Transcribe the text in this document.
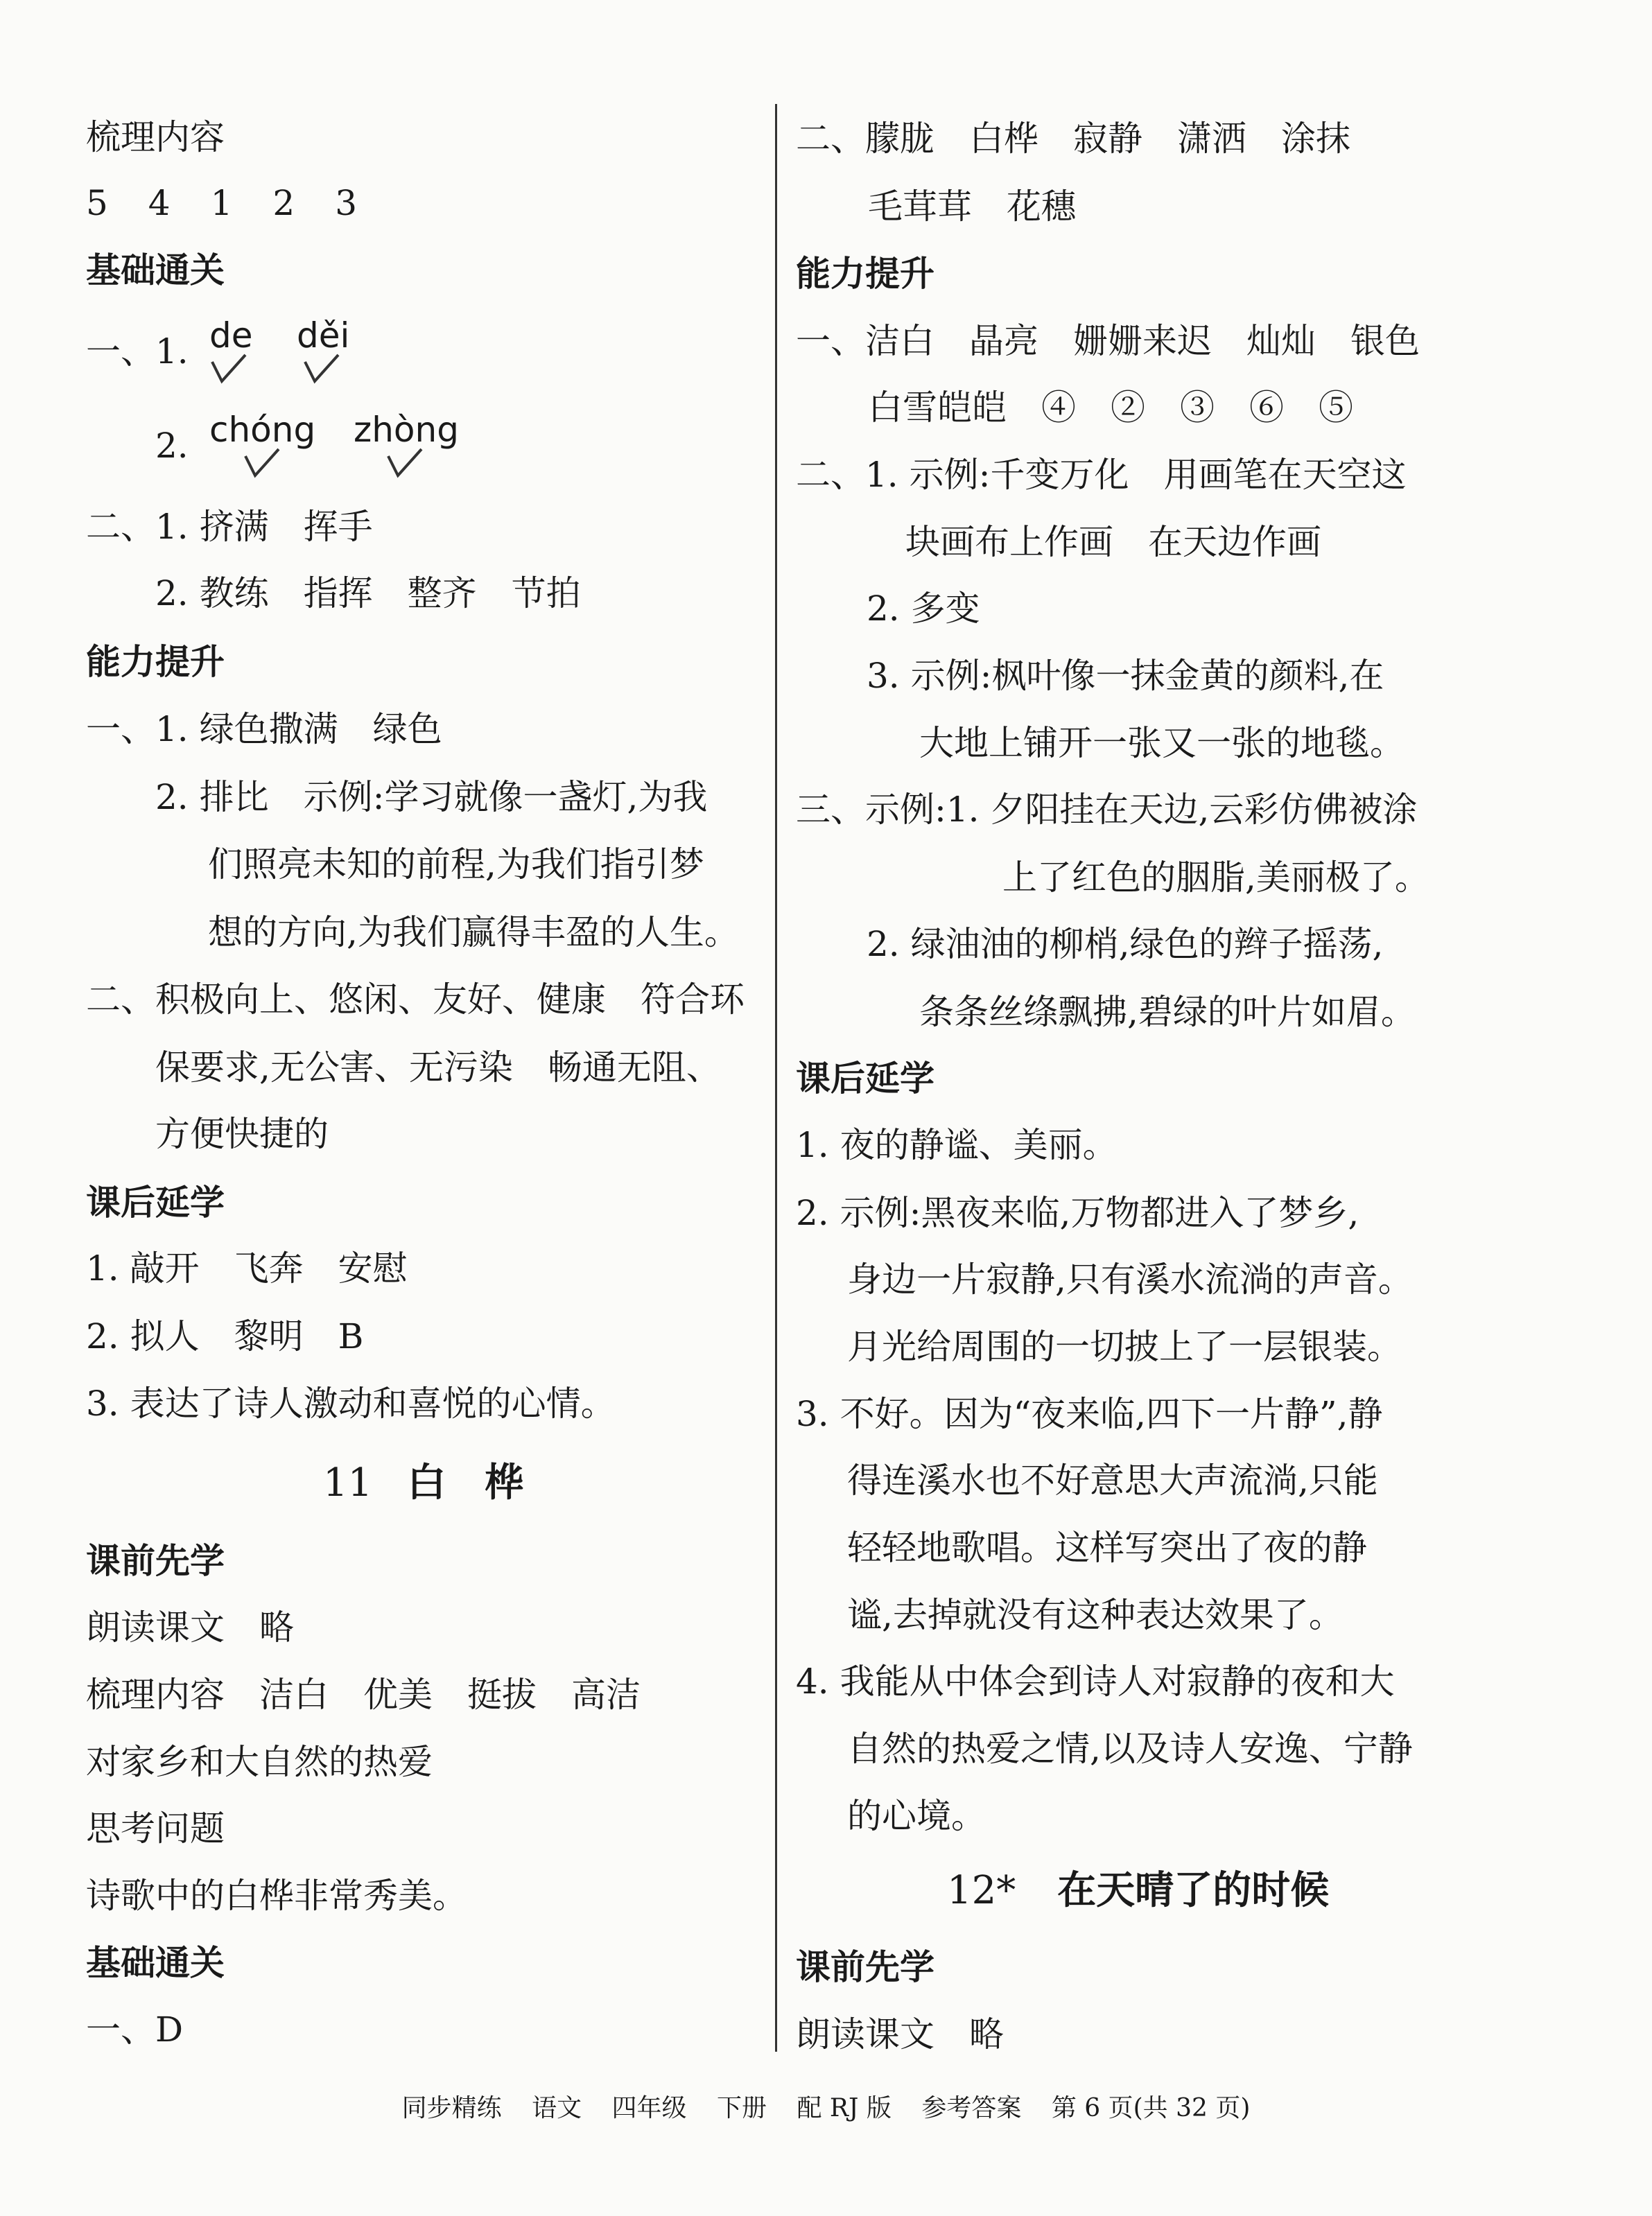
梳理内容
5　4　1　2　3
基础通关
一、1. de děi
2. chóng zhòng
二、1. 挤满　挥手
2. 教练　指挥　整齐　节拍
能力提升
一、1. 绿色撒满　绿色
2. 排比　示例:学习就像一盏灯,为我
们照亮未知的前程,为我们指引梦
想的方向,为我们赢得丰盈的人生。
二、积极向上、悠闲、友好、健康　符合环
保要求,无公害、无污染　畅通无阻、
方便快捷的
课后延学
1. 敲开　飞奔　安慰
2. 拟人　黎明　B
3. 表达了诗人激动和喜悦的心情。
11 白　桦
课前先学
朗读课文　略
梳理内容　洁白　优美　挺拔　高洁
对家乡和大自然的热爱
思考问题
诗歌中的白桦非常秀美。
基础通关
一、D
二、朦胧　白桦　寂静　潇洒　涂抹
毛茸茸　花穗
能力提升
一、洁白　晶亮　姗姗来迟　灿灿　银色
白雪皑皑　④　②　③　⑥　⑤
二、1. 示例:千变万化　用画笔在天空这
块画布上作画　在天边作画
2. 多变
3. 示例:枫叶像一抹金黄的颜料,在
大地上铺开一张又一张的地毯。
三、示例:1. 夕阳挂在天边,云彩仿佛被涂
上了红色的胭脂,美丽极了。
2. 绿油油的柳梢,绿色的辫子摇荡,
条条丝绦飘拂,碧绿的叶片如眉。
课后延学
1. 夜的静谧、美丽。
2. 示例:黑夜来临,万物都进入了梦乡,
身边一片寂静,只有溪水流淌的声音。
月光给周围的一切披上了一层银装。
3. 不好。因为“夜来临,四下一片静”,静
得连溪水也不好意思大声流淌,只能
轻轻地歌唱。这样写突出了夜的静
谧,去掉就没有这种表达效果了。
4. 我能从中体会到诗人对寂静的夜和大
自然的热爱之情,以及诗人安逸、宁静
的心境。
12* 在天晴了的时候
课前先学
朗读课文　略
同步精练 语文 四年级 下册 配 RJ 版 参考答案 第 6 页(共 32 页)
